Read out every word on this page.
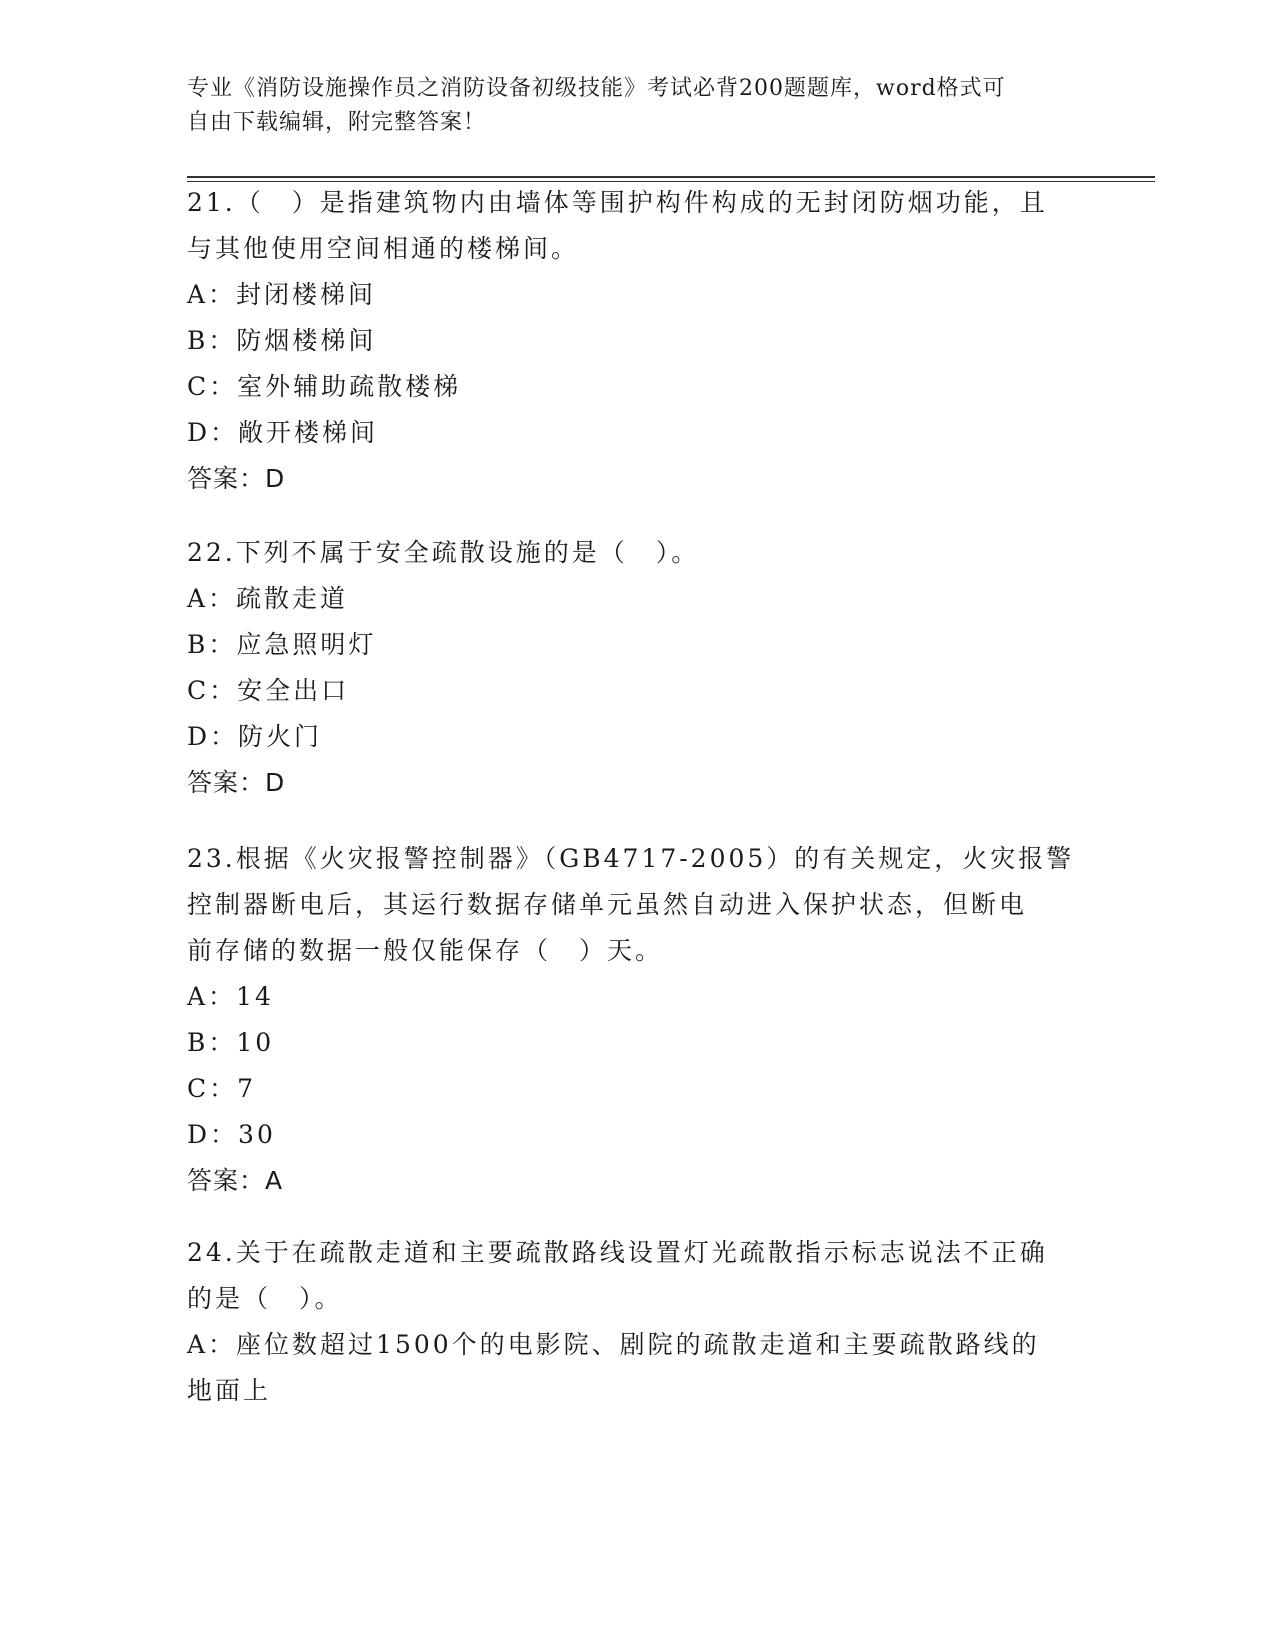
专业《消防设施操作员之消防设备初级技能》考试必背200题题库，word格式可
自由下载编辑，附完整答案！
21.（　）是指建筑物内由墙体等围护构件构成的无封闭防烟功能，且
与其他使用空间相通的楼梯间。
A：封闭楼梯间
B：防烟楼梯间
C：室外辅助疏散楼梯
D：敞开楼梯间
答案：D
22.下列不属于安全疏散设施的是（　）。
A：疏散走道
B：应急照明灯
C：安全出口
D：防火门
答案：D
23.根据《火灾报警控制器》（GB4717-2005）的有关规定，火灾报警
控制器断电后，其运行数据存储单元虽然自动进入保护状态，但断电
前存储的数据一般仅能保存（　）天。
A：14
B：10
C：7
D：30
答案：A
24.关于在疏散走道和主要疏散路线设置灯光疏散指示标志说法不正确
的是（　）。
A：座位数超过1500个的电影院、剧院的疏散走道和主要疏散路线的
地面上
